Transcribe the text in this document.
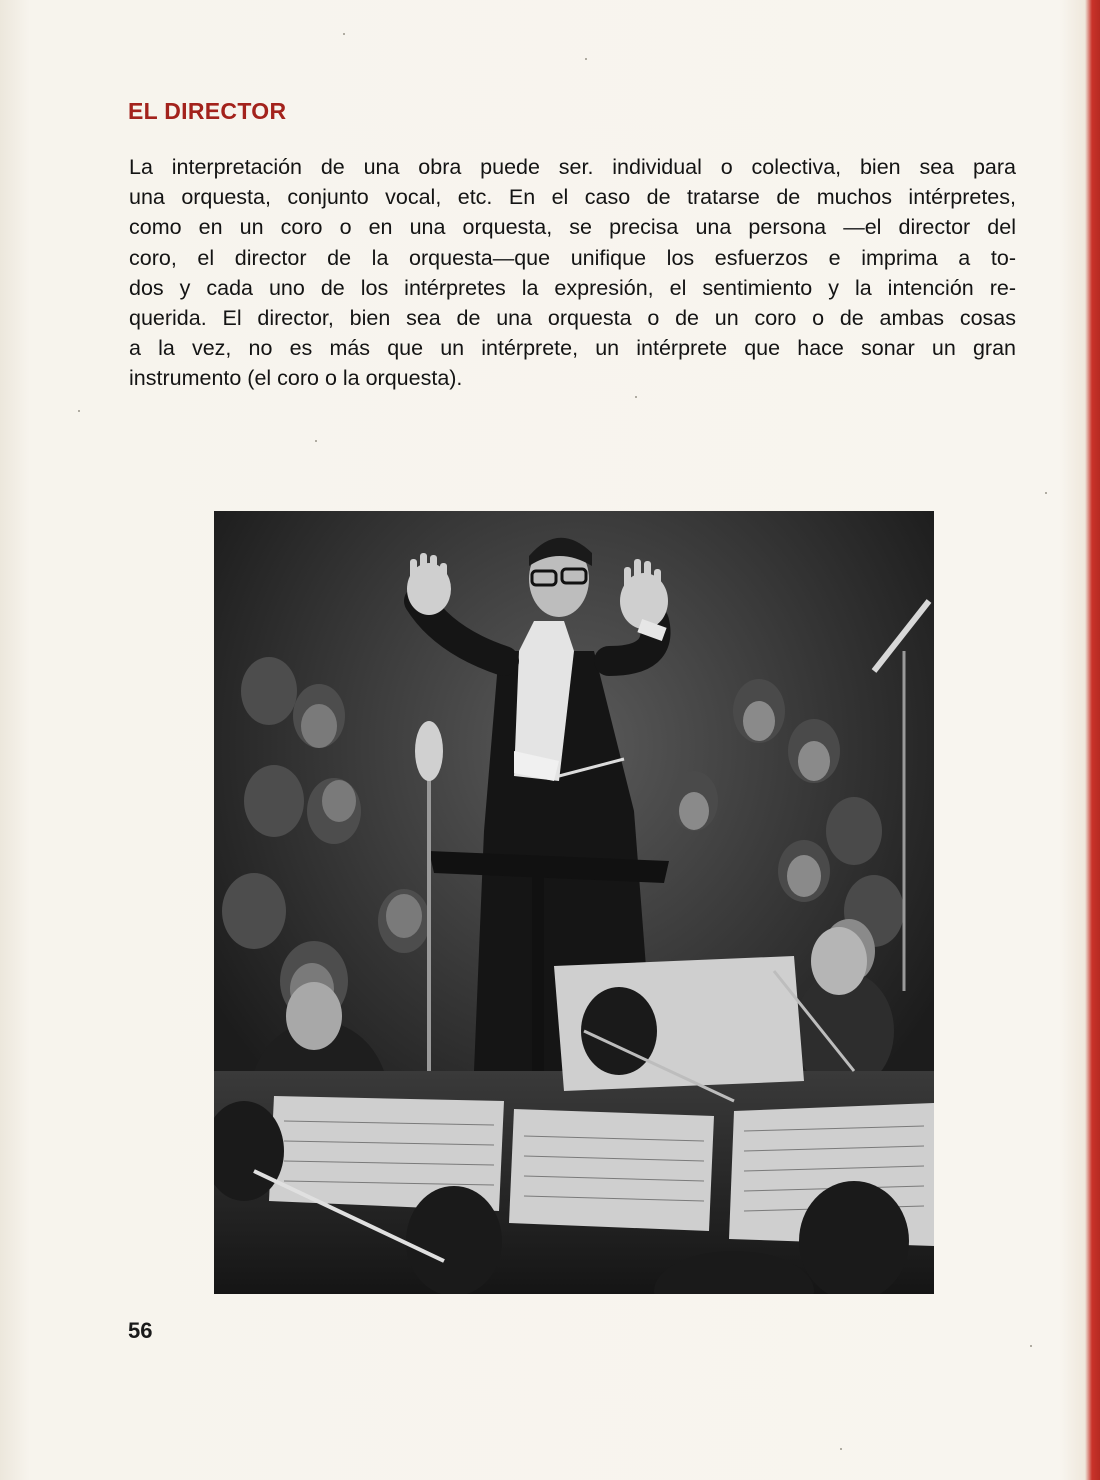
EL DIRECTOR
La interpretación de una obra puede ser. individual o colectiva, bien sea para
una orquesta, conjunto vocal, etc. En el caso de tratarse de muchos intérpretes,
como en un coro o en una orquesta, se precisa una persona —el director del
coro, el director de la orquesta—que unifique los esfuerzos e imprima a to-
dos y cada uno de los intérpretes la expresión, el sentimiento y la intención re-
querida. El director, bien sea de una orquesta o de un coro o de ambas cosas
a la vez, no es más que un intérprete, un intérprete que hace sonar un gran
instrumento (el coro o la orquesta).
56
